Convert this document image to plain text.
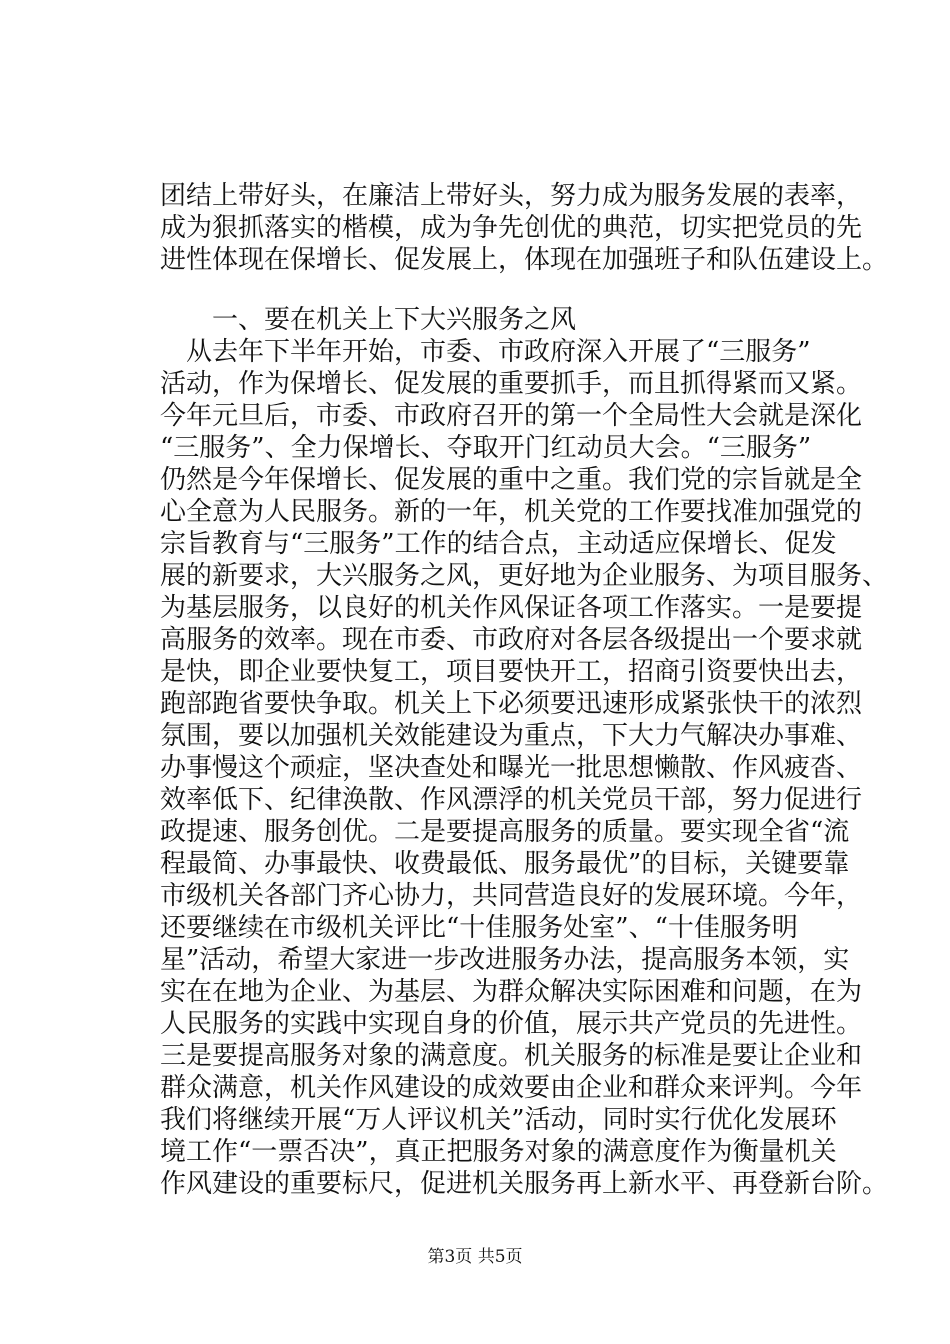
团结上带好头，在廉洁上带好头，努力成为服务发展的表率，
成为狠抓落实的楷模，成为争先创优的典范，切实把党员的先
进性体现在保增长、促发展上，体现在加强班子和队伍建设上。
一、要在机关上下大兴服务之风
从去年下半年开始，市委、市政府深入开展了“三服务”
活动，作为保增长、促发展的重要抓手，而且抓得紧而又紧。
今年元旦后，市委、市政府召开的第一个全局性大会就是深化
“三服务”、全力保增长、夺取开门红动员大会。“三服务”
仍然是今年保增长、促发展的重中之重。我们党的宗旨就是全
心全意为人民服务。新的一年，机关党的工作要找准加强党的
宗旨教育与“三服务”工作的结合点，主动适应保增长、促发
展的新要求，大兴服务之风，更好地为企业服务、为项目服务、
为基层服务，以良好的机关作风保证各项工作落实。一是要提
高服务的效率。现在市委、市政府对各层各级提出一个要求就
是快，即企业要快复工，项目要快开工，招商引资要快出去，
跑部跑省要快争取。机关上下必须要迅速形成紧张快干的浓烈
氛围，要以加强机关效能建设为重点，下大力气解决办事难、
办事慢这个顽症，坚决查处和曝光一批思想懒散、作风疲沓、
效率低下、纪律涣散、作风漂浮的机关党员干部，努力促进行
政提速、服务创优。二是要提高服务的质量。要实现全省“流
程最简、办事最快、收费最低、服务最优”的目标，关键要靠
市级机关各部门齐心协力，共同营造良好的发展环境。今年，
还要继续在市级机关评比“十佳服务处室”、“十佳服务明
星”活动，希望大家进一步改进服务办法，提高服务本领，实
实在在地为企业、为基层、为群众解决实际困难和问题，在为
人民服务的实践中实现自身的价值，展示共产党员的先进性。
三是要提高服务对象的满意度。机关服务的标准是要让企业和
群众满意，机关作风建设的成效要由企业和群众来评判。今年
我们将继续开展“万人评议机关”活动，同时实行优化发展环
境工作“一票否决”，真正把服务对象的满意度作为衡量机关
作风建设的重要标尺，促进机关服务再上新水平、再登新台阶。
第3页 共5页
